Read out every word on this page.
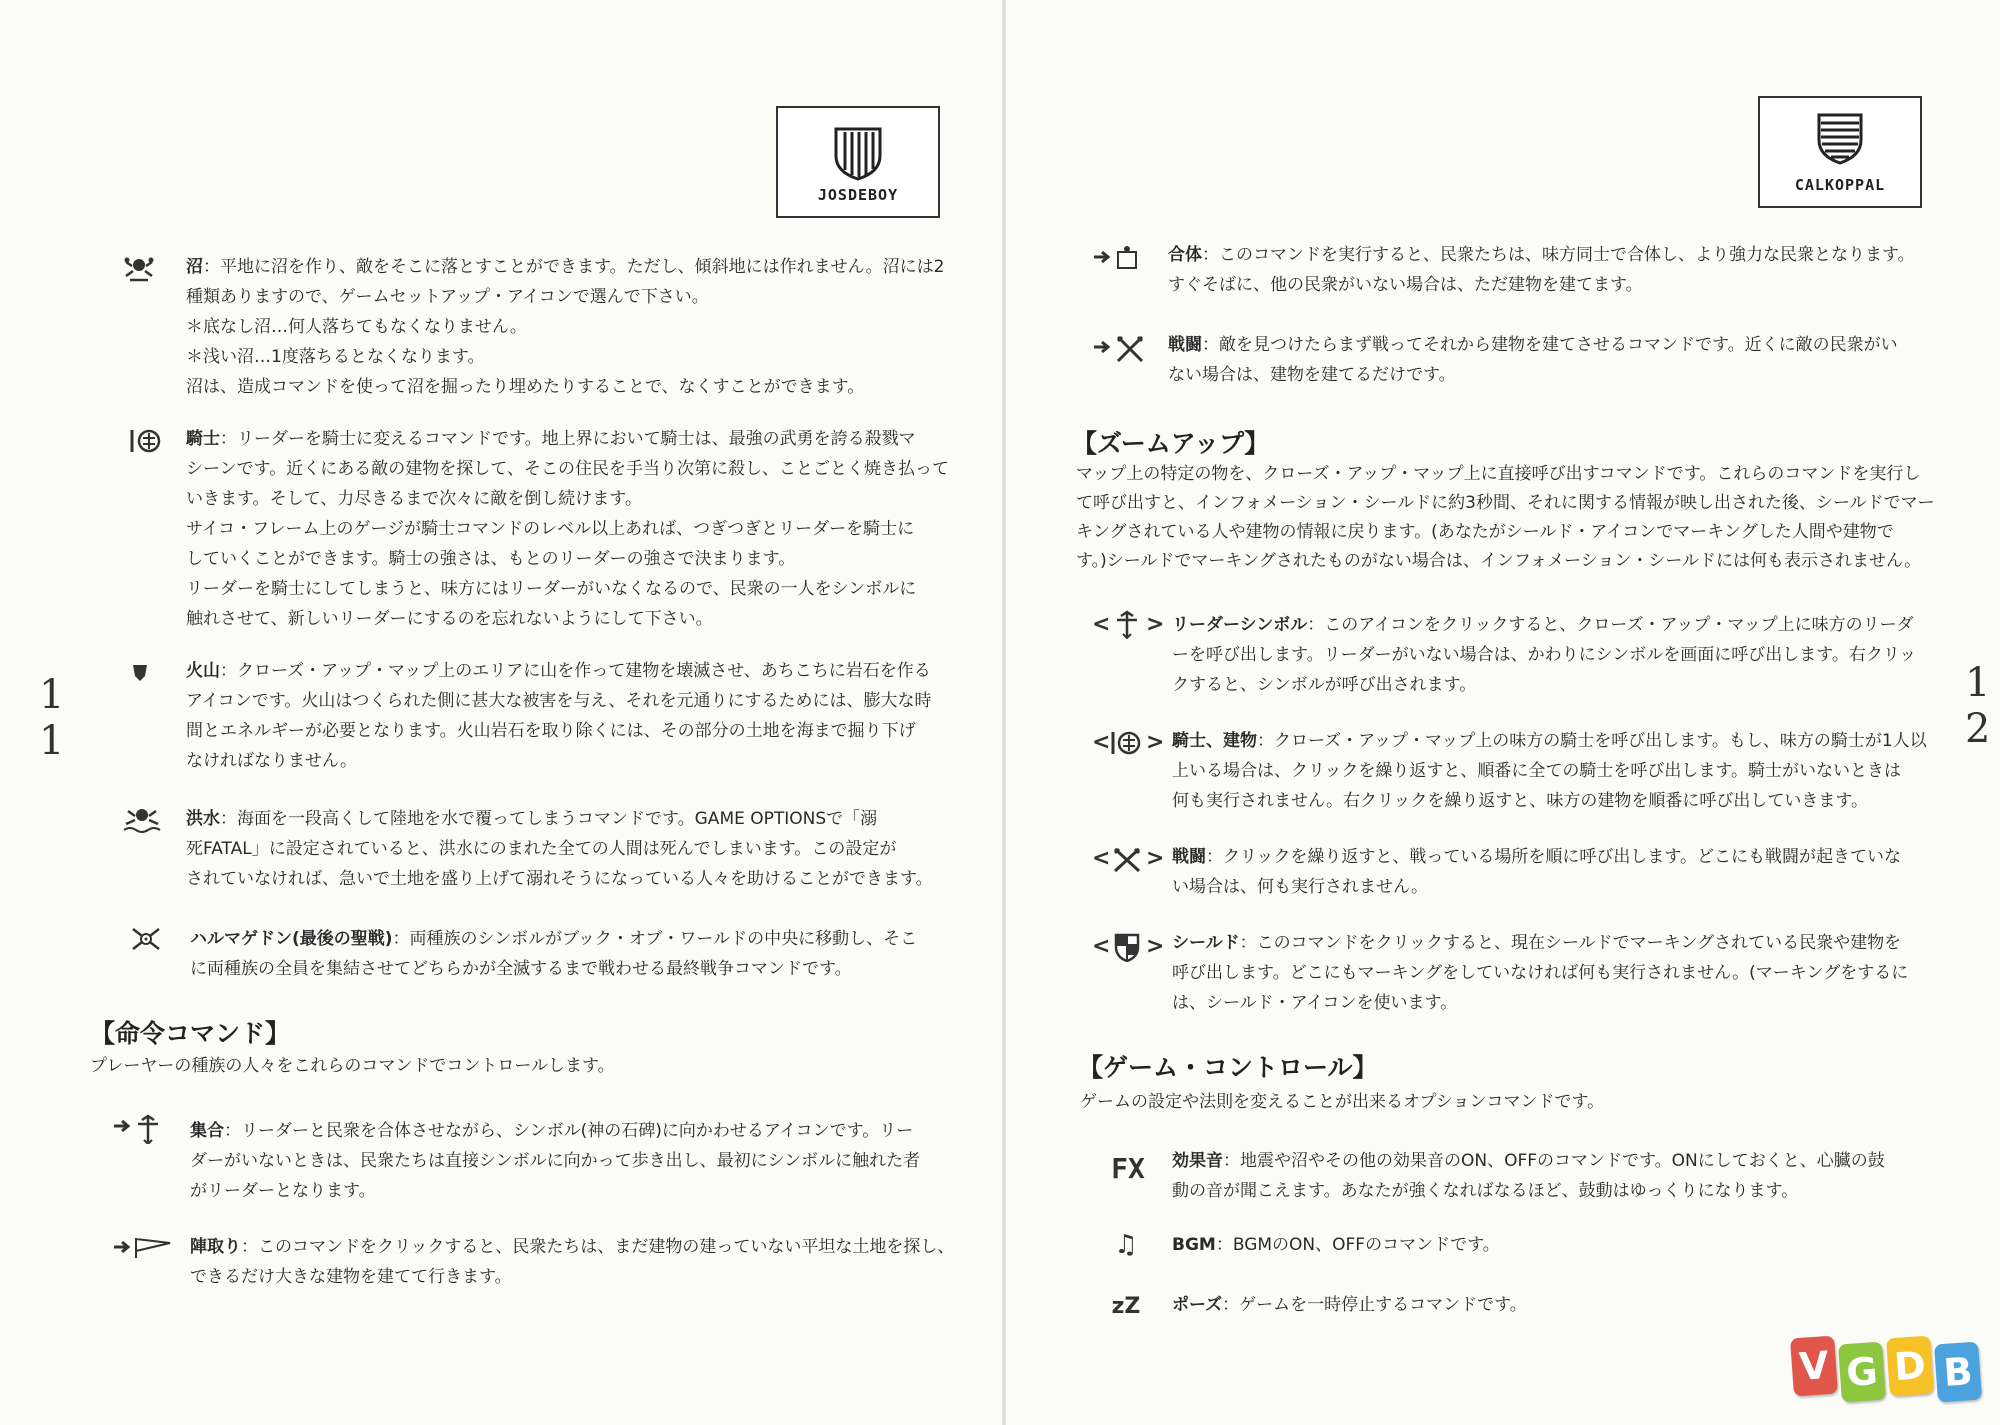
JOSDEBOY
11

沼：平地に沼を作り、敵をそこに落とすことができます。ただし、傾斜地には作れません。沼には2

種類ありますので、ゲームセットアップ・アイコンで選んで下さい。

＊底なし沼…何人落ちてもなくなりません。

＊浅い沼…1度落ちるとなくなります。

沼は、造成コマンドを使って沼を掘ったり埋めたりすることで、なくすことができます。

騎士：リーダーを騎士に変えるコマンドです。地上界において騎士は、最強の武勇を誇る殺戮マ

シーンです。近くにある敵の建物を探して、そこの住民を手当り次第に殺し、ことごとく焼き払って

いきます。そして、力尽きるまで次々に敵を倒し続けます。

サイコ・フレーム上のゲージが騎士コマンドのレベル以上あれば、つぎつぎとリーダーを騎士に

していくことができます。騎士の強さは、もとのリーダーの強さで決まります。

リーダーを騎士にしてしまうと、味方にはリーダーがいなくなるので、民衆の一人をシンボルに

触れさせて、新しいリーダーにするのを忘れないようにして下さい。

火山：クローズ・アップ・マップ上のエリアに山を作って建物を壊滅させ、あちこちに岩石を作る

アイコンです。火山はつくられた側に甚大な被害を与え、それを元通りにするためには、膨大な時

間とエネルギーが必要となります。火山岩石を取り除くには、その部分の土地を海まで掘り下げ

なければなりません。

洪水：海面を一段高くして陸地を水で覆ってしまうコマンドです。GAME OPTIONSで「溺

死FATAL」に設定されていると、洪水にのまれた全ての人間は死んでしまいます。この設定が

されていなければ、急いで土地を盛り上げて溺れそうになっている人々を助けることができます。

ハルマゲドン(最後の聖戦)：両種族のシンボルがブック・オブ・ワールドの中央に移動し、そこ

に両種族の全員を集結させてどちらかが全滅するまで戦わせる最終戦争コマンドです。

【命令コマンド】
プレーヤーの種族の人々をこれらのコマンドでコントロールします。

集合：リーダーと民衆を合体させながら、シンボル(神の石碑)に向かわせるアイコンです。リー

ダーがいないときは、民衆たちは直接シンボルに向かって歩き出し、最初にシンボルに触れた者

がリーダーとなります。

陣取り：このコマンドをクリックすると、民衆たちは、まだ建物の建っていない平坦な土地を探し、

できるだけ大きな建物を建てて行きます。

CALKOPPAL
12

合体：このコマンドを実行すると、民衆たちは、味方同士で合体し、より強力な民衆となります。

すぐそばに、他の民衆がいない場合は、ただ建物を建てます。

戦闘：敵を見つけたらまず戦ってそれから建物を建てさせるコマンドです。近くに敵の民衆がい

ない場合は、建物を建てるだけです。

【ズームアップ】
マップ上の特定の物を、クローズ・アップ・マップ上に直接呼び出すコマンドです。これらのコマンドを実行し
て呼び出すと、インフォメーション・シールドに約3秒間、それに関する情報が映し出された後、シールドでマー
キングされている人や建物の情報に戻ります。(あなたがシールド・アイコンでマーキングした人間や建物で
す。)シールドでマーキングされたものがない場合は、インフォメーション・シールドには何も表示されません。
< > リーダーシンボル：このアイコンをクリックすると、クローズ・アップ・マップ上に味方のリーダ

ーを呼び出します。リーダーがいない場合は、かわりにシンボルを画面に呼び出します。右クリッ

クすると、シンボルが呼び出されます。

< > 騎士、建物：クローズ・アップ・マップ上の味方の騎士を呼び出します。もし、味方の騎士が1人以

上いる場合は、クリックを繰り返すと、順番に全ての騎士を呼び出します。騎士がいないときは

何も実行されません。右クリックを繰り返すと、味方の建物を順番に呼び出していきます。

< > 戦闘：クリックを繰り返すと、戦っている場所を順に呼び出します。どこにも戦闘が起きていな

い場合は、何も実行されません。

< > シールド：このコマンドをクリックすると、現在シールドでマーキングされている民衆や建物を

呼び出します。どこにもマーキングをしていなければ何も実行されません。(マーキングをするに

は、シールド・アイコンを使います。

【ゲーム・コントロール】
ゲームの設定や法則を変えることが出来るオプションコマンドです。
FX	効果音：地震や沼やその他の効果音のON、OFFのコマンドです。ONにしておくと、心臓の鼓

動の音が聞こえます。あなたが強くなればなるほど、鼓動はゆっくりになります。

♫	BGM：BGMのON、OFFのコマンドです。

zZ	ポーズ：ゲームを一時停止するコマンドです。

V G D B
